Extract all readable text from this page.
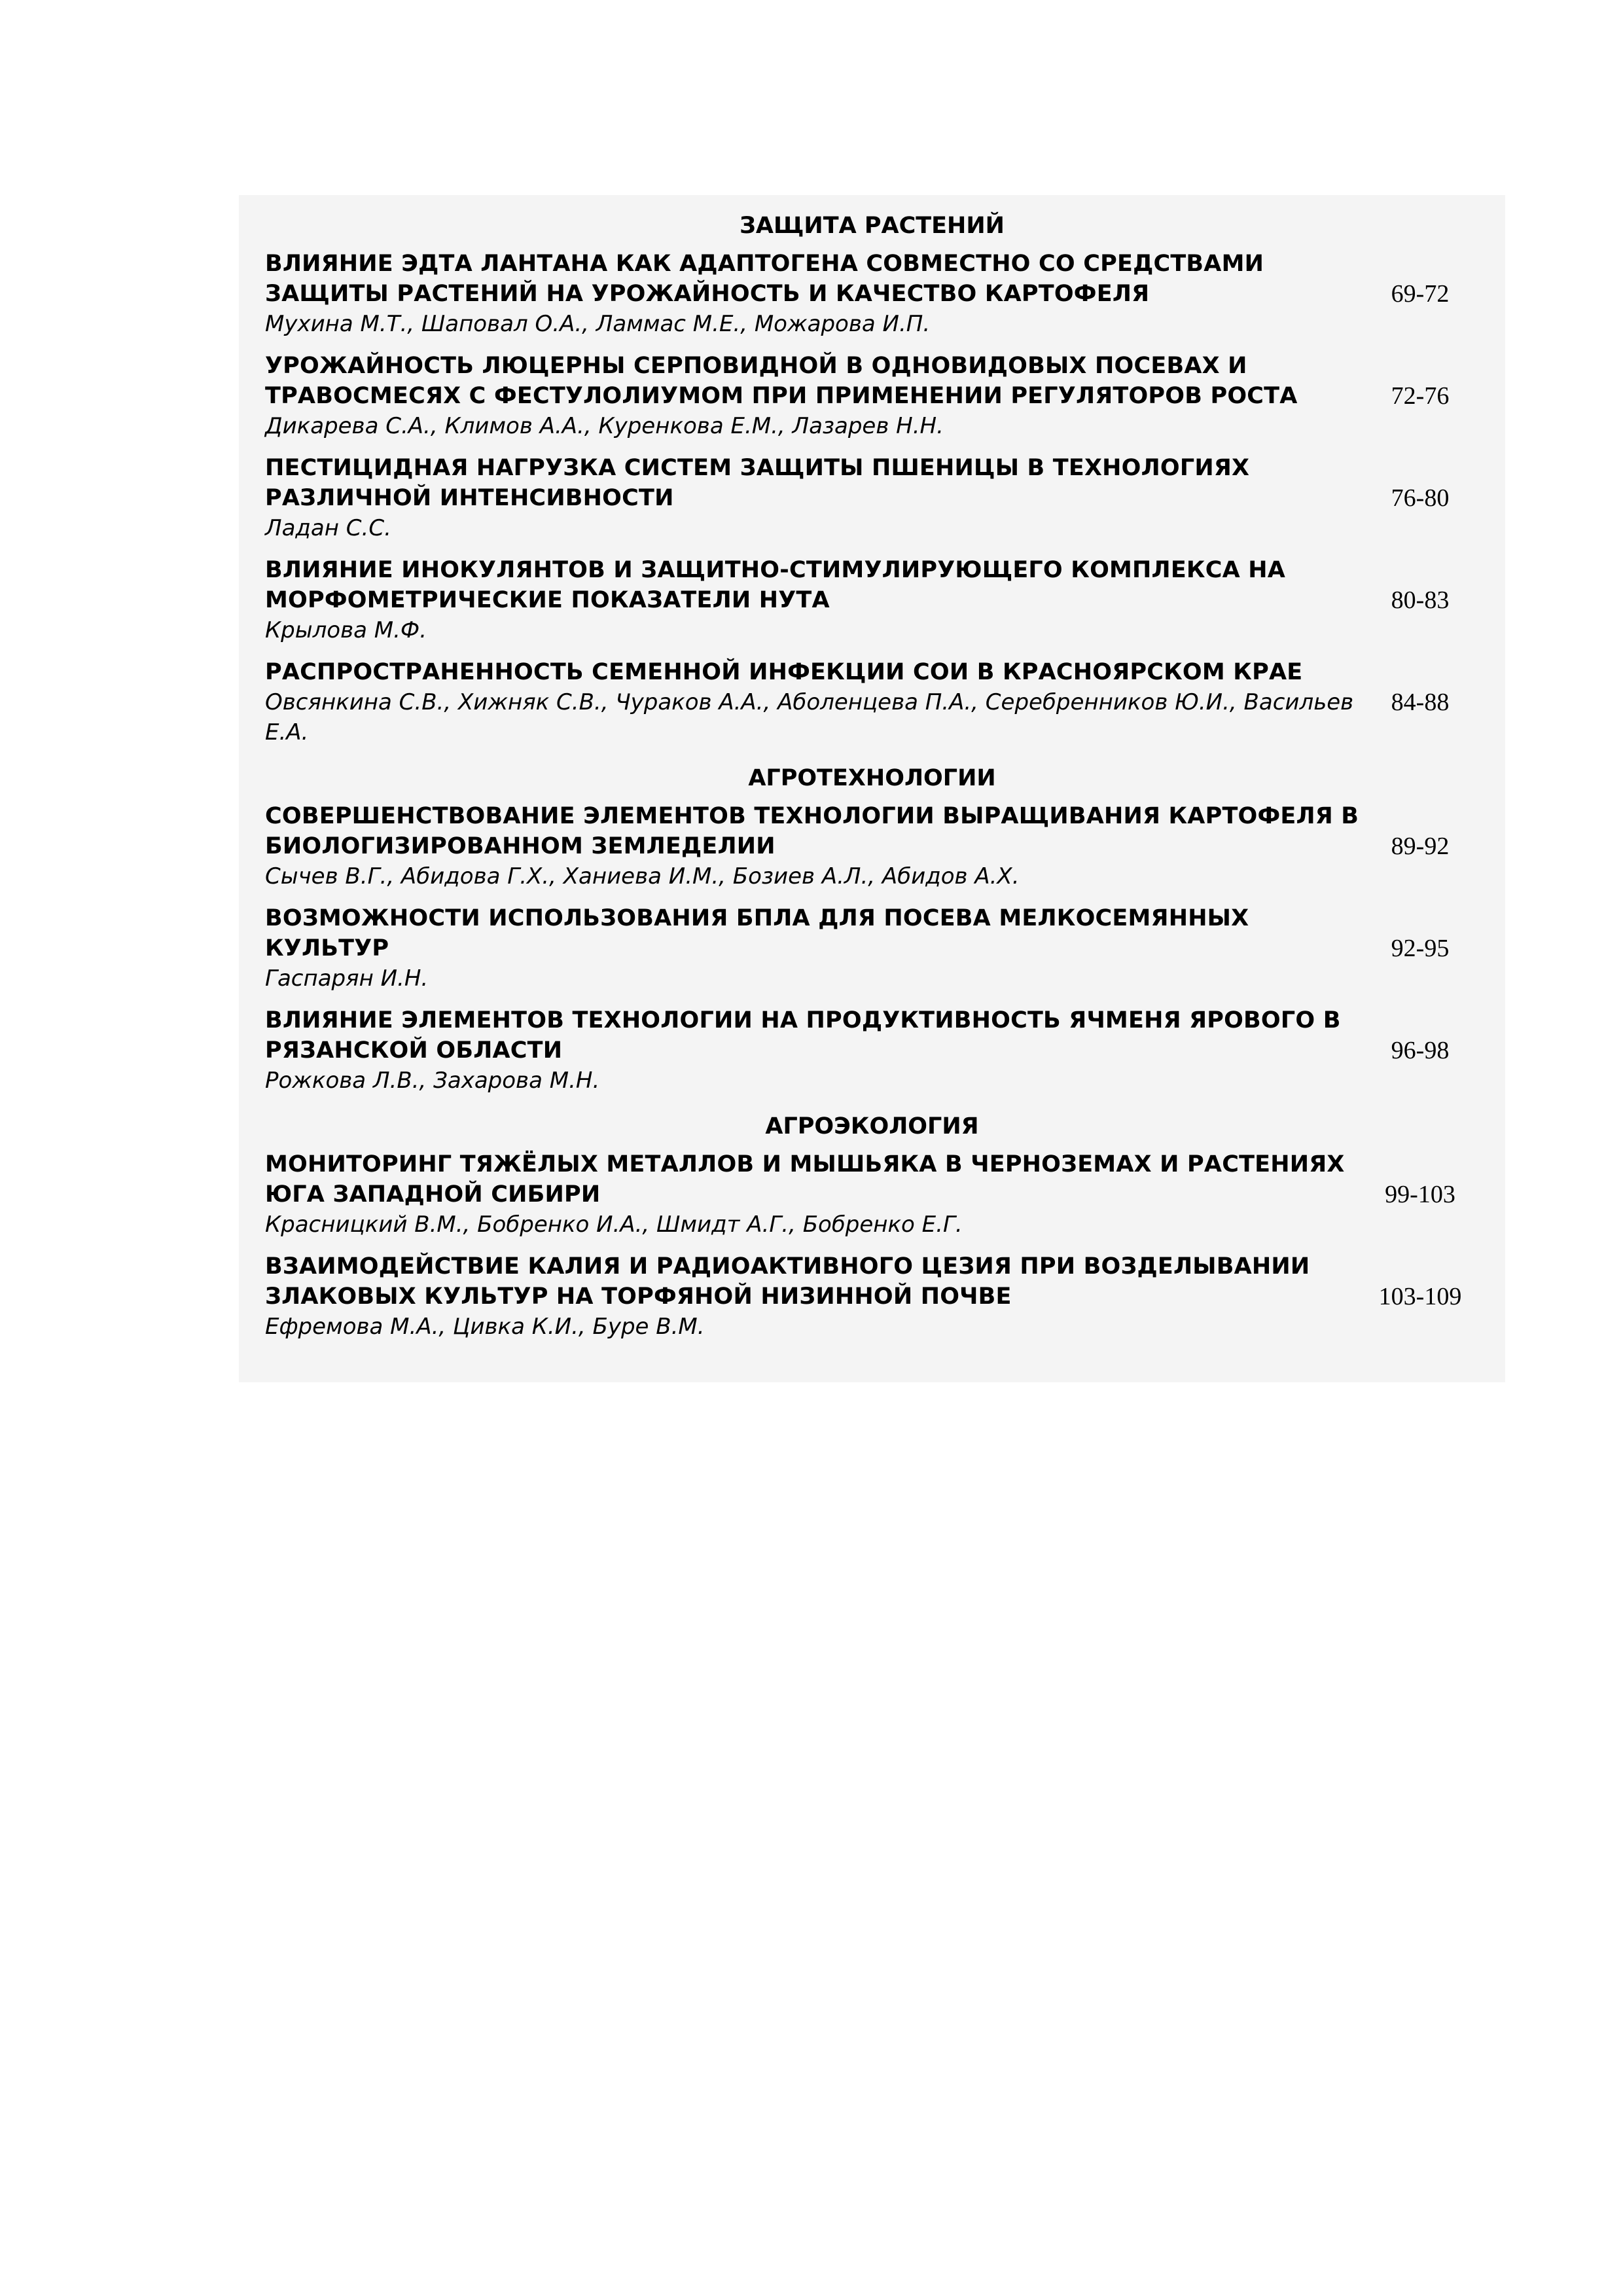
ЗАЩИТА РАСТЕНИЙ	

ВЛИЯНИЕ ЭДТА ЛАНТАНА КАК АДАПТОГЕНА СОВМЕСТНО СО СРЕДСТВАМИ
ЗАЩИТЫ РАСТЕНИЙ НА УРОЖАЙНОСТЬ И КАЧЕСТВО КАРТОФЕЛЯ
Мухина М.Т., Шаповал О.А., Ламмас М.Е., Можарова И.П.	69-72

УРОЖАЙНОСТЬ ЛЮЦЕРНЫ СЕРПОВИДНОЙ В ОДНОВИДОВЫХ ПОСЕВАХ И
ТРАВОСМЕСЯХ С ФЕСТУЛОЛИУМОМ ПРИ ПРИМЕНЕНИИ РЕГУЛЯТОРОВ РОСТА
Дикарева С.А., Климов А.А., Куренкова Е.М., Лазарев Н.Н.	72-76

ПЕСТИЦИДНАЯ НАГРУЗКА СИСТЕМ ЗАЩИТЫ ПШЕНИЦЫ В ТЕХНОЛОГИЯХ
РАЗЛИЧНОЙ ИНТЕНСИВНОСТИ
Ладан С.С.	76-80

ВЛИЯНИЕ ИНОКУЛЯНТОВ И ЗАЩИТНО-СТИМУЛИРУЮЩЕГО КОМПЛЕКСА НА
МОРФОМЕТРИЧЕСКИЕ ПОКАЗАТЕЛИ НУТА
Крылова М.Ф.	80-83

РАСПРОСТРАНЕННОСТЬ СЕМЕННОЙ ИНФЕКЦИИ СОИ В КРАСНОЯРСКОМ КРАЕ
Овсянкина С.В., Хижняк С.В., Чураков А.А., Аболенцева П.А., Серебренников Ю.И., Васильев Е.А.	84-88
АГРОТЕХНОЛОГИИ	

СОВЕРШЕНСТВОВАНИЕ ЭЛЕМЕНТОВ ТЕХНОЛОГИИ ВЫРАЩИВАНИЯ КАРТОФЕЛЯ В
БИОЛОГИЗИРОВАННОМ ЗЕМЛЕДЕЛИИ
Сычев В.Г., Абидова Г.Х., Ханиева И.М., Бозиев А.Л., Абидов А.Х.	89-92

ВОЗМОЖНОСТИ ИСПОЛЬЗОВАНИЯ БПЛА ДЛЯ ПОСЕВА МЕЛКОСЕМЯННЫХ КУЛЬТУР
Гаспарян И.Н.	92-95

ВЛИЯНИЕ ЭЛЕМЕНТОВ ТЕХНОЛОГИИ НА ПРОДУКТИВНОСТЬ ЯЧМЕНЯ ЯРОВОГО В
РЯЗАНСКОЙ ОБЛАСТИ
Рожкова Л.В., Захарова М.Н.	96-98
АГРОЭКОЛОГИЯ	

МОНИТОРИНГ ТЯЖЁЛЫХ МЕТАЛЛОВ И МЫШЬЯКА В ЧЕРНОЗЕМАХ И РАСТЕНИЯХ
ЮГА ЗАПАДНОЙ СИБИРИ
Красницкий В.М., Бобренко И.А., Шмидт А.Г., Бобренко Е.Г.	99-103

ВЗАИМОДЕЙСТВИЕ КАЛИЯ И РАДИОАКТИВНОГО ЦЕЗИЯ ПРИ ВОЗДЕЛЫВАНИИ
ЗЛАКОВЫХ КУЛЬТУР НА ТОРФЯНОЙ НИЗИННОЙ ПОЧВЕ
Ефремова М.А., Цивка К.И., Буре В.М.	103-109
